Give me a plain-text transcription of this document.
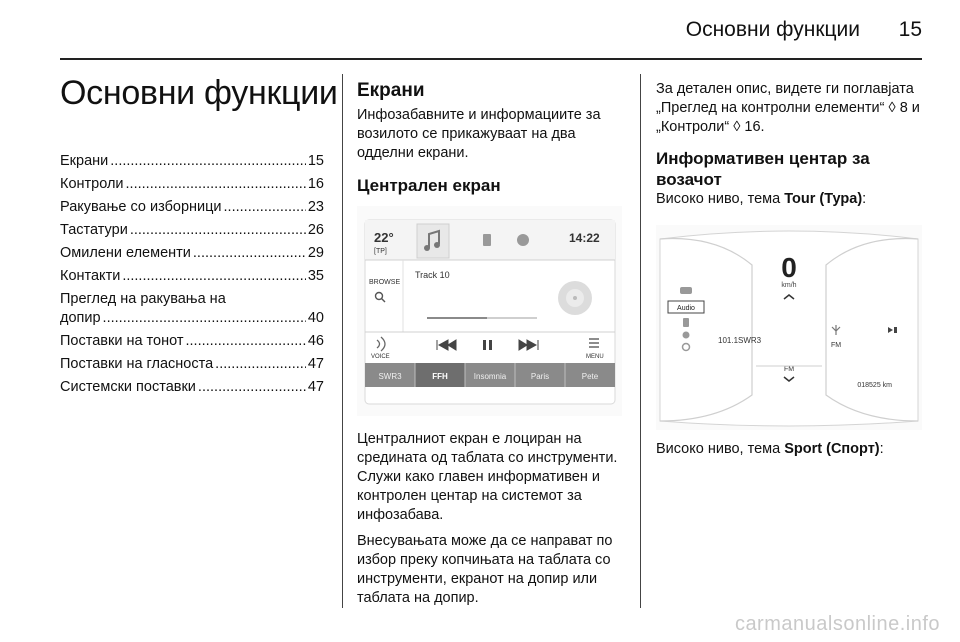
Основни функции	15
Основни функции
Екрани .....	15
Контроли .....	16
Ракување со изборници .....	23
Тастатури .....	26
Омилени елементи .....	29
Контакти .....	35
Преглед на ракувања на
допир .....	40
Поставки на тонот .....	46
Поставки на гласноста .....	47
Системски поставки .....	47
Екрани

Инфозабавните и информациите за возилото се прикажуваат на два одделни екрани.

Централен екран
22°
[TP]
14:22
BROWSE
Track 10
VOICE	MENU
SWR3	FFH	Insomnia	Paris	Pete

Централниот екран е лоциран на средината од таблата со инструменти. Служи како главен информативен и контролен центар на системот за инфозабава.

Внесувањата може да се направат по избор преку копчињата на таблата со инструменти, екранот на допир или таблата на допир.

За детален опис, видете ги поглавјата „Преглед на контролни елементи“ ◊ 8 и „Контроли“ ◊ 16.

Информативен центар за возачот

Високо ниво, тема Tour (Тура):

0
km/h
Audio
101.1SWR3
FM
FM
018525 km

Високо ниво, тема Sport (Спорт):

carmanualsonline.info
